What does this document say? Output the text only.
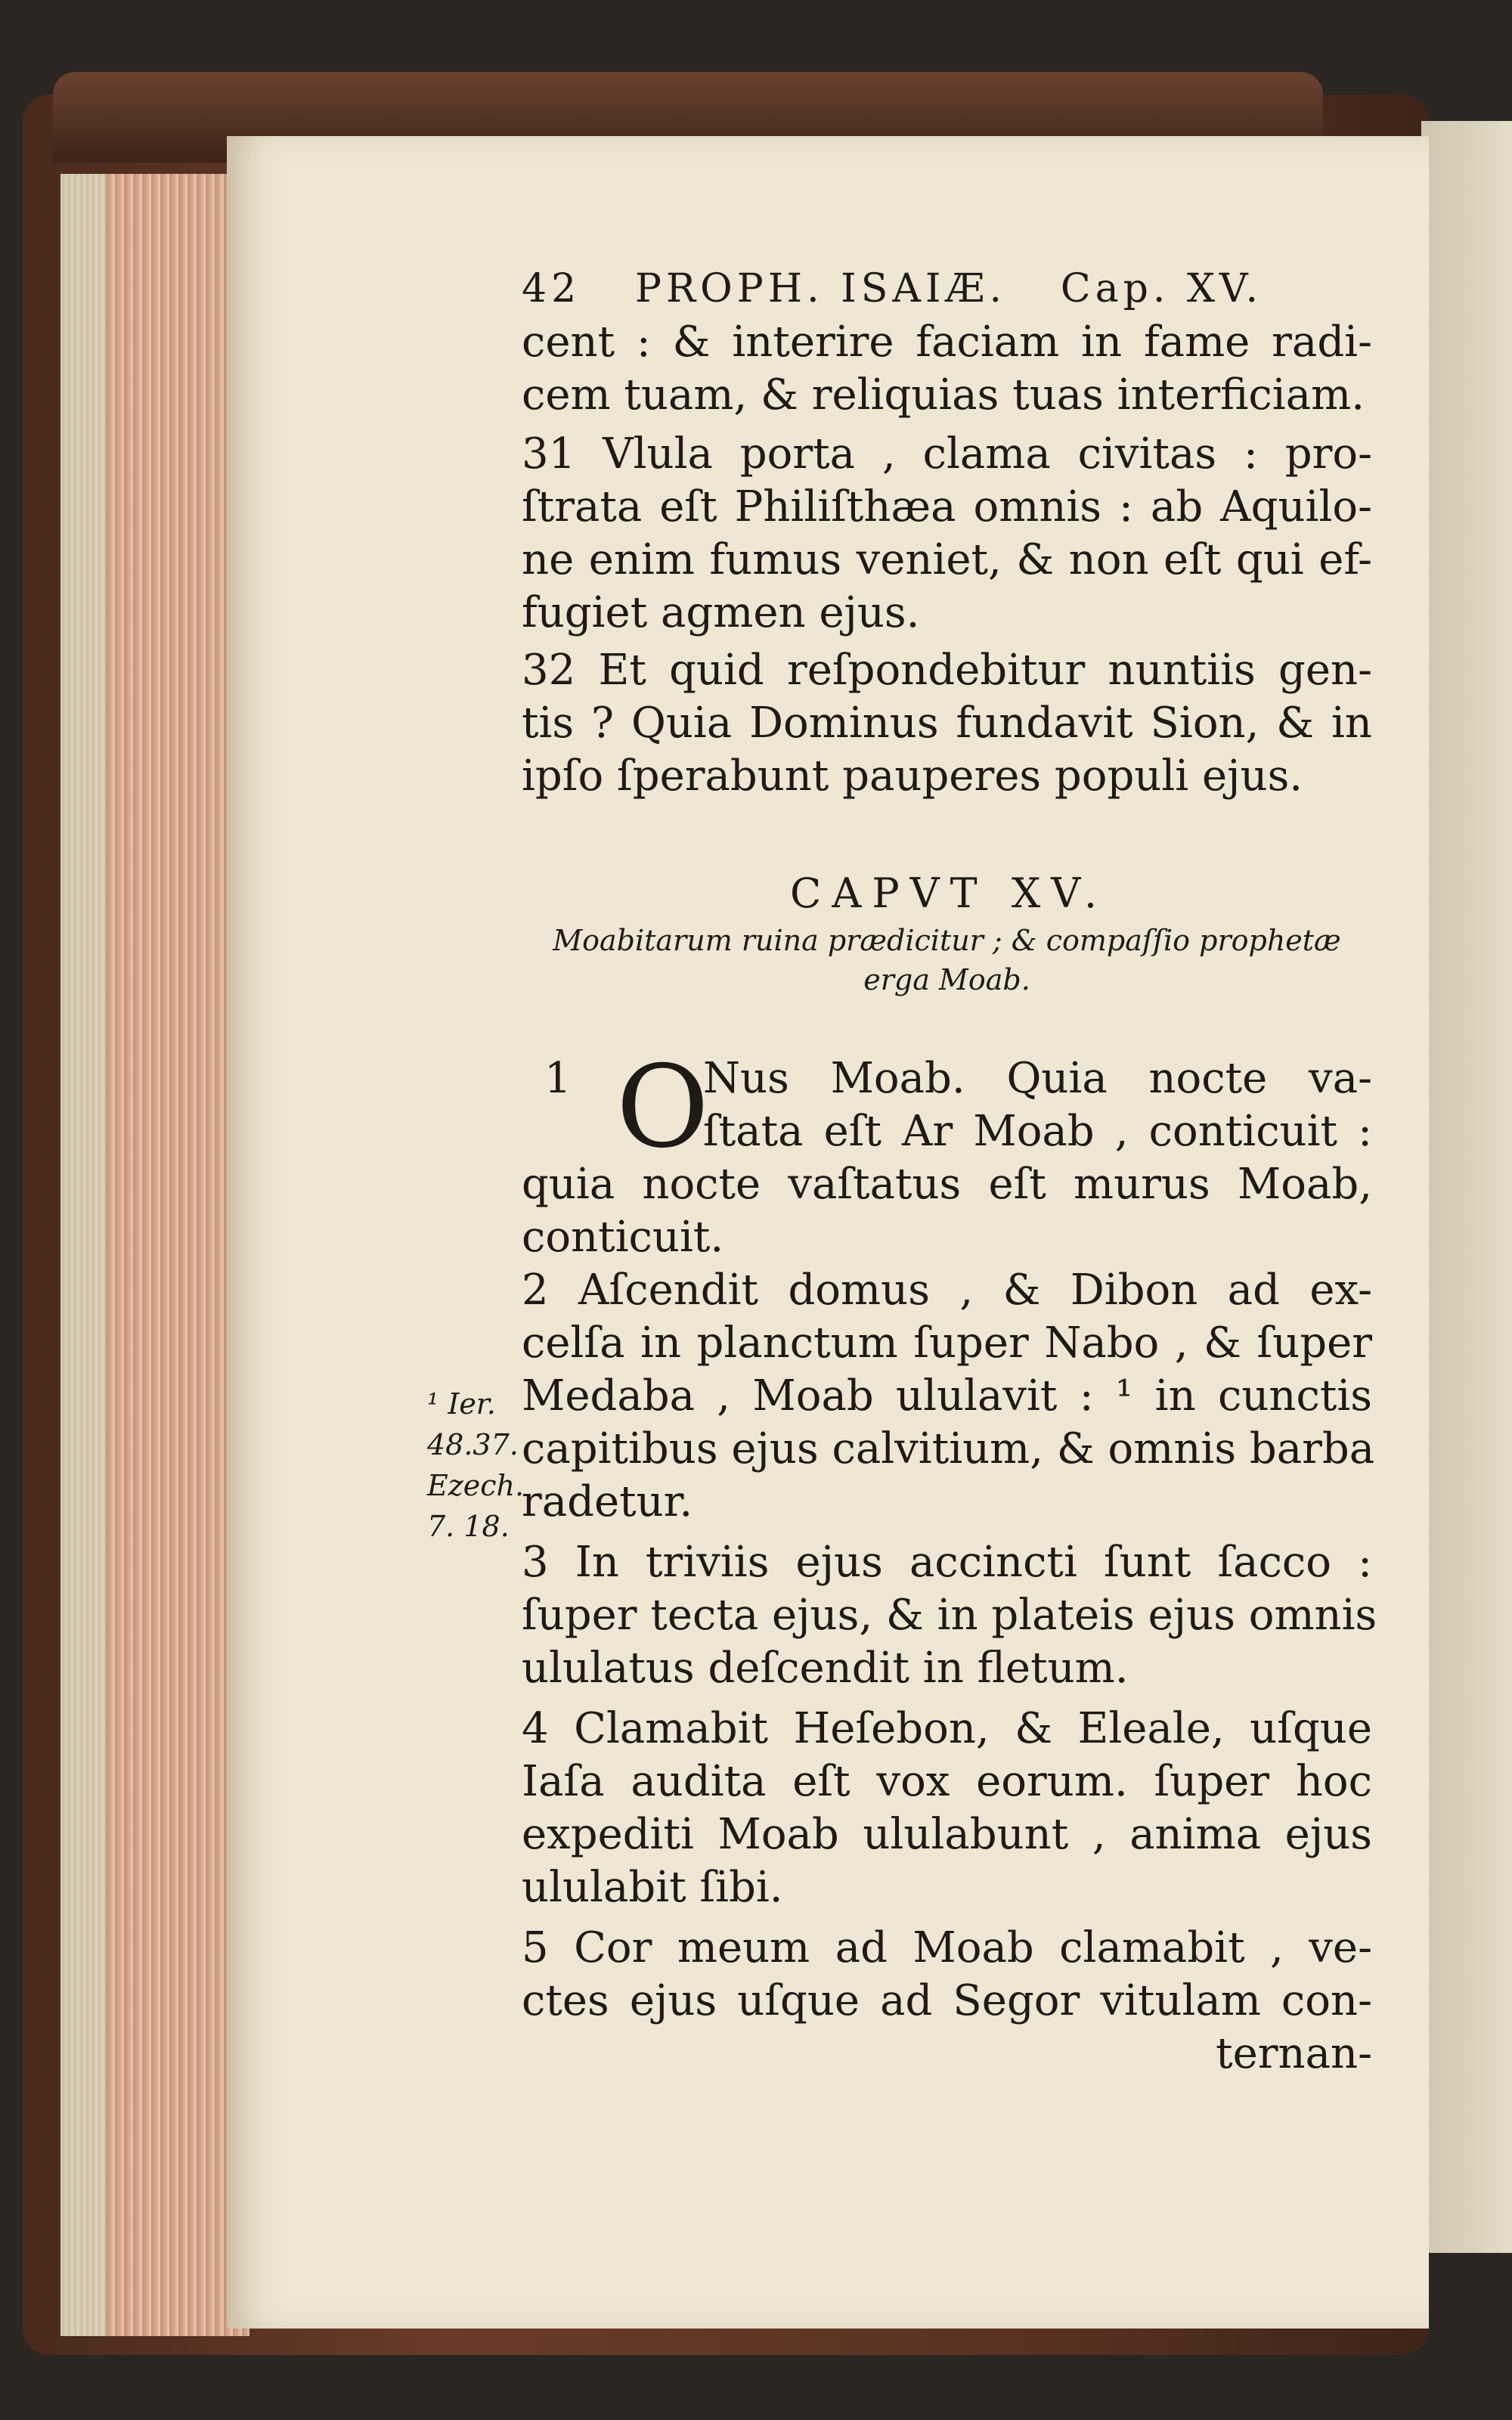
42 PROPH. ISAIÆ. Cap. XV.
cent : & interire faciam in fame radi-
cem tuam, & reliquias tuas interficiam.
31 Vlula porta , clama civitas : pro-
ſtrata eſt Philiſthæa omnis : ab Aquilo-
ne enim fumus veniet, & non eſt qui ef-
fugiet agmen ejus.
32 Et quid reſpondebitur nuntiis gen-
tis ? Quia Dominus fundavit Sion, & in
ipſo ſperabunt pauperes populi ejus.
CAPVT XV.
Moabitarum ruina prædicitur ; & compaſſio prophetæ
erga Moab.
1 O
Nus Moab. Quia nocte va-
ſtata eſt Ar Moab , conticuit :
quia nocte vaſtatus eſt murus Moab,
conticuit.
2 Aſcendit domus , & Dibon ad ex-
celſa in planctum ſuper Nabo , & ſuper
Medaba , Moab ululavit : ¹ in cunctis
capitibus ejus calvitium, & omnis barba
radetur.
3 In triviis ejus accincti ſunt ſacco :
ſuper tecta ejus, & in plateis ejus omnis
ululatus deſcendit in fletum.
4 Clamabit Heſebon, & Eleale, uſque
Iaſa audita eſt vox eorum. ſuper hoc
expediti Moab ululabunt , anima ejus
ululabit ſibi.
5 Cor meum ad Moab clamabit , ve-
ctes ejus uſque ad Segor vitulam con-
ternan-
¹ Ier.
48.37.
Ezech.
7. 18.
